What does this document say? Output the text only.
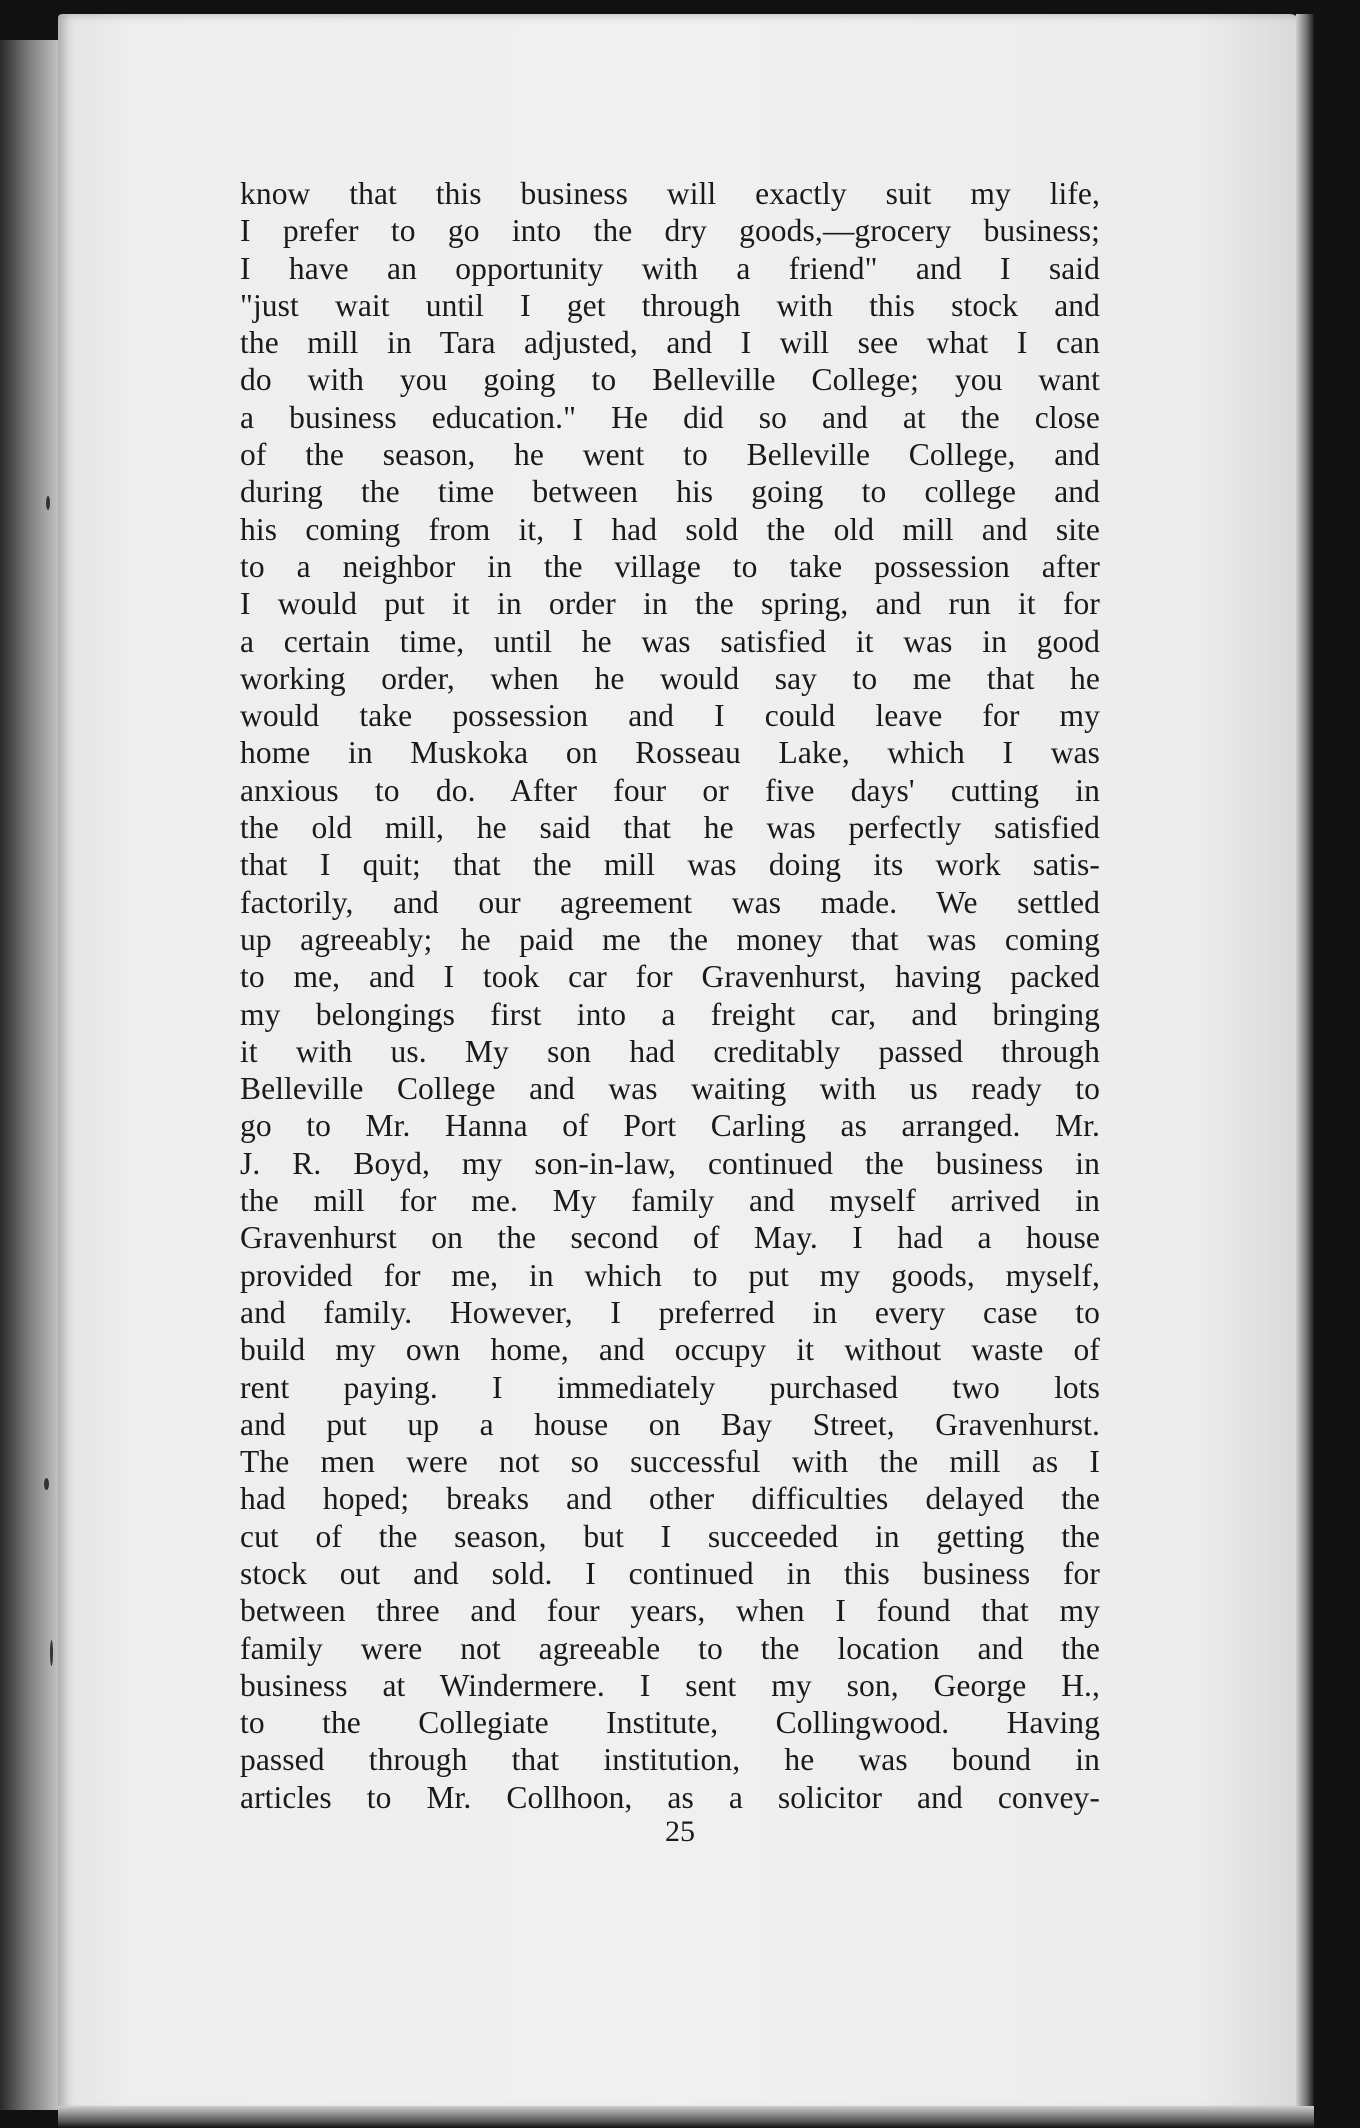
know that this business will exactly suit my life,
I prefer to go into the dry goods,—grocery business;
I have an opportunity with a friend" and I said
"just wait until I get through with this stock and
the mill in Tara adjusted, and I will see what I can
do with you going to Belleville College; you want
a business education." He did so and at the close
of the season, he went to Belleville College, and
during the time between his going to college and
his coming from it, I had sold the old mill and site
to a neighbor in the village to take possession after
I would put it in order in the spring, and run it for
a certain time, until he was satisfied it was in good
working order, when he would say to me that he
would take possession and I could leave for my
home in Muskoka on Rosseau Lake, which I was
anxious to do. After four or five days' cutting in
the old mill, he said that he was perfectly satisfied
that I quit; that the mill was doing its work satis-
factorily, and our agreement was made. We settled
up agreeably; he paid me the money that was coming
to me, and I took car for Gravenhurst, having packed
my belongings first into a freight car, and bringing
it with us. My son had creditably passed through
Belleville College and was waiting with us ready to
go to Mr. Hanna of Port Carling as arranged. Mr.
J. R. Boyd, my son-in-law, continued the business in
the mill for me. My family and myself arrived in
Gravenhurst on the second of May. I had a house
provided for me, in which to put my goods, myself,
and family. However, I preferred in every case to
build my own home, and occupy it without waste of
rent paying. I immediately purchased two lots
and put up a house on Bay Street, Gravenhurst.
The men were not so successful with the mill as I
had hoped; breaks and other difficulties delayed the
cut of the season, but I succeeded in getting the
stock out and sold. I continued in this business for
between three and four years, when I found that my
family were not agreeable to the location and the
business at Windermere. I sent my son, George H.,
to the Collegiate Institute, Collingwood. Having
passed through that institution, he was bound in
articles to Mr. Collhoon, as a solicitor and convey-
25
